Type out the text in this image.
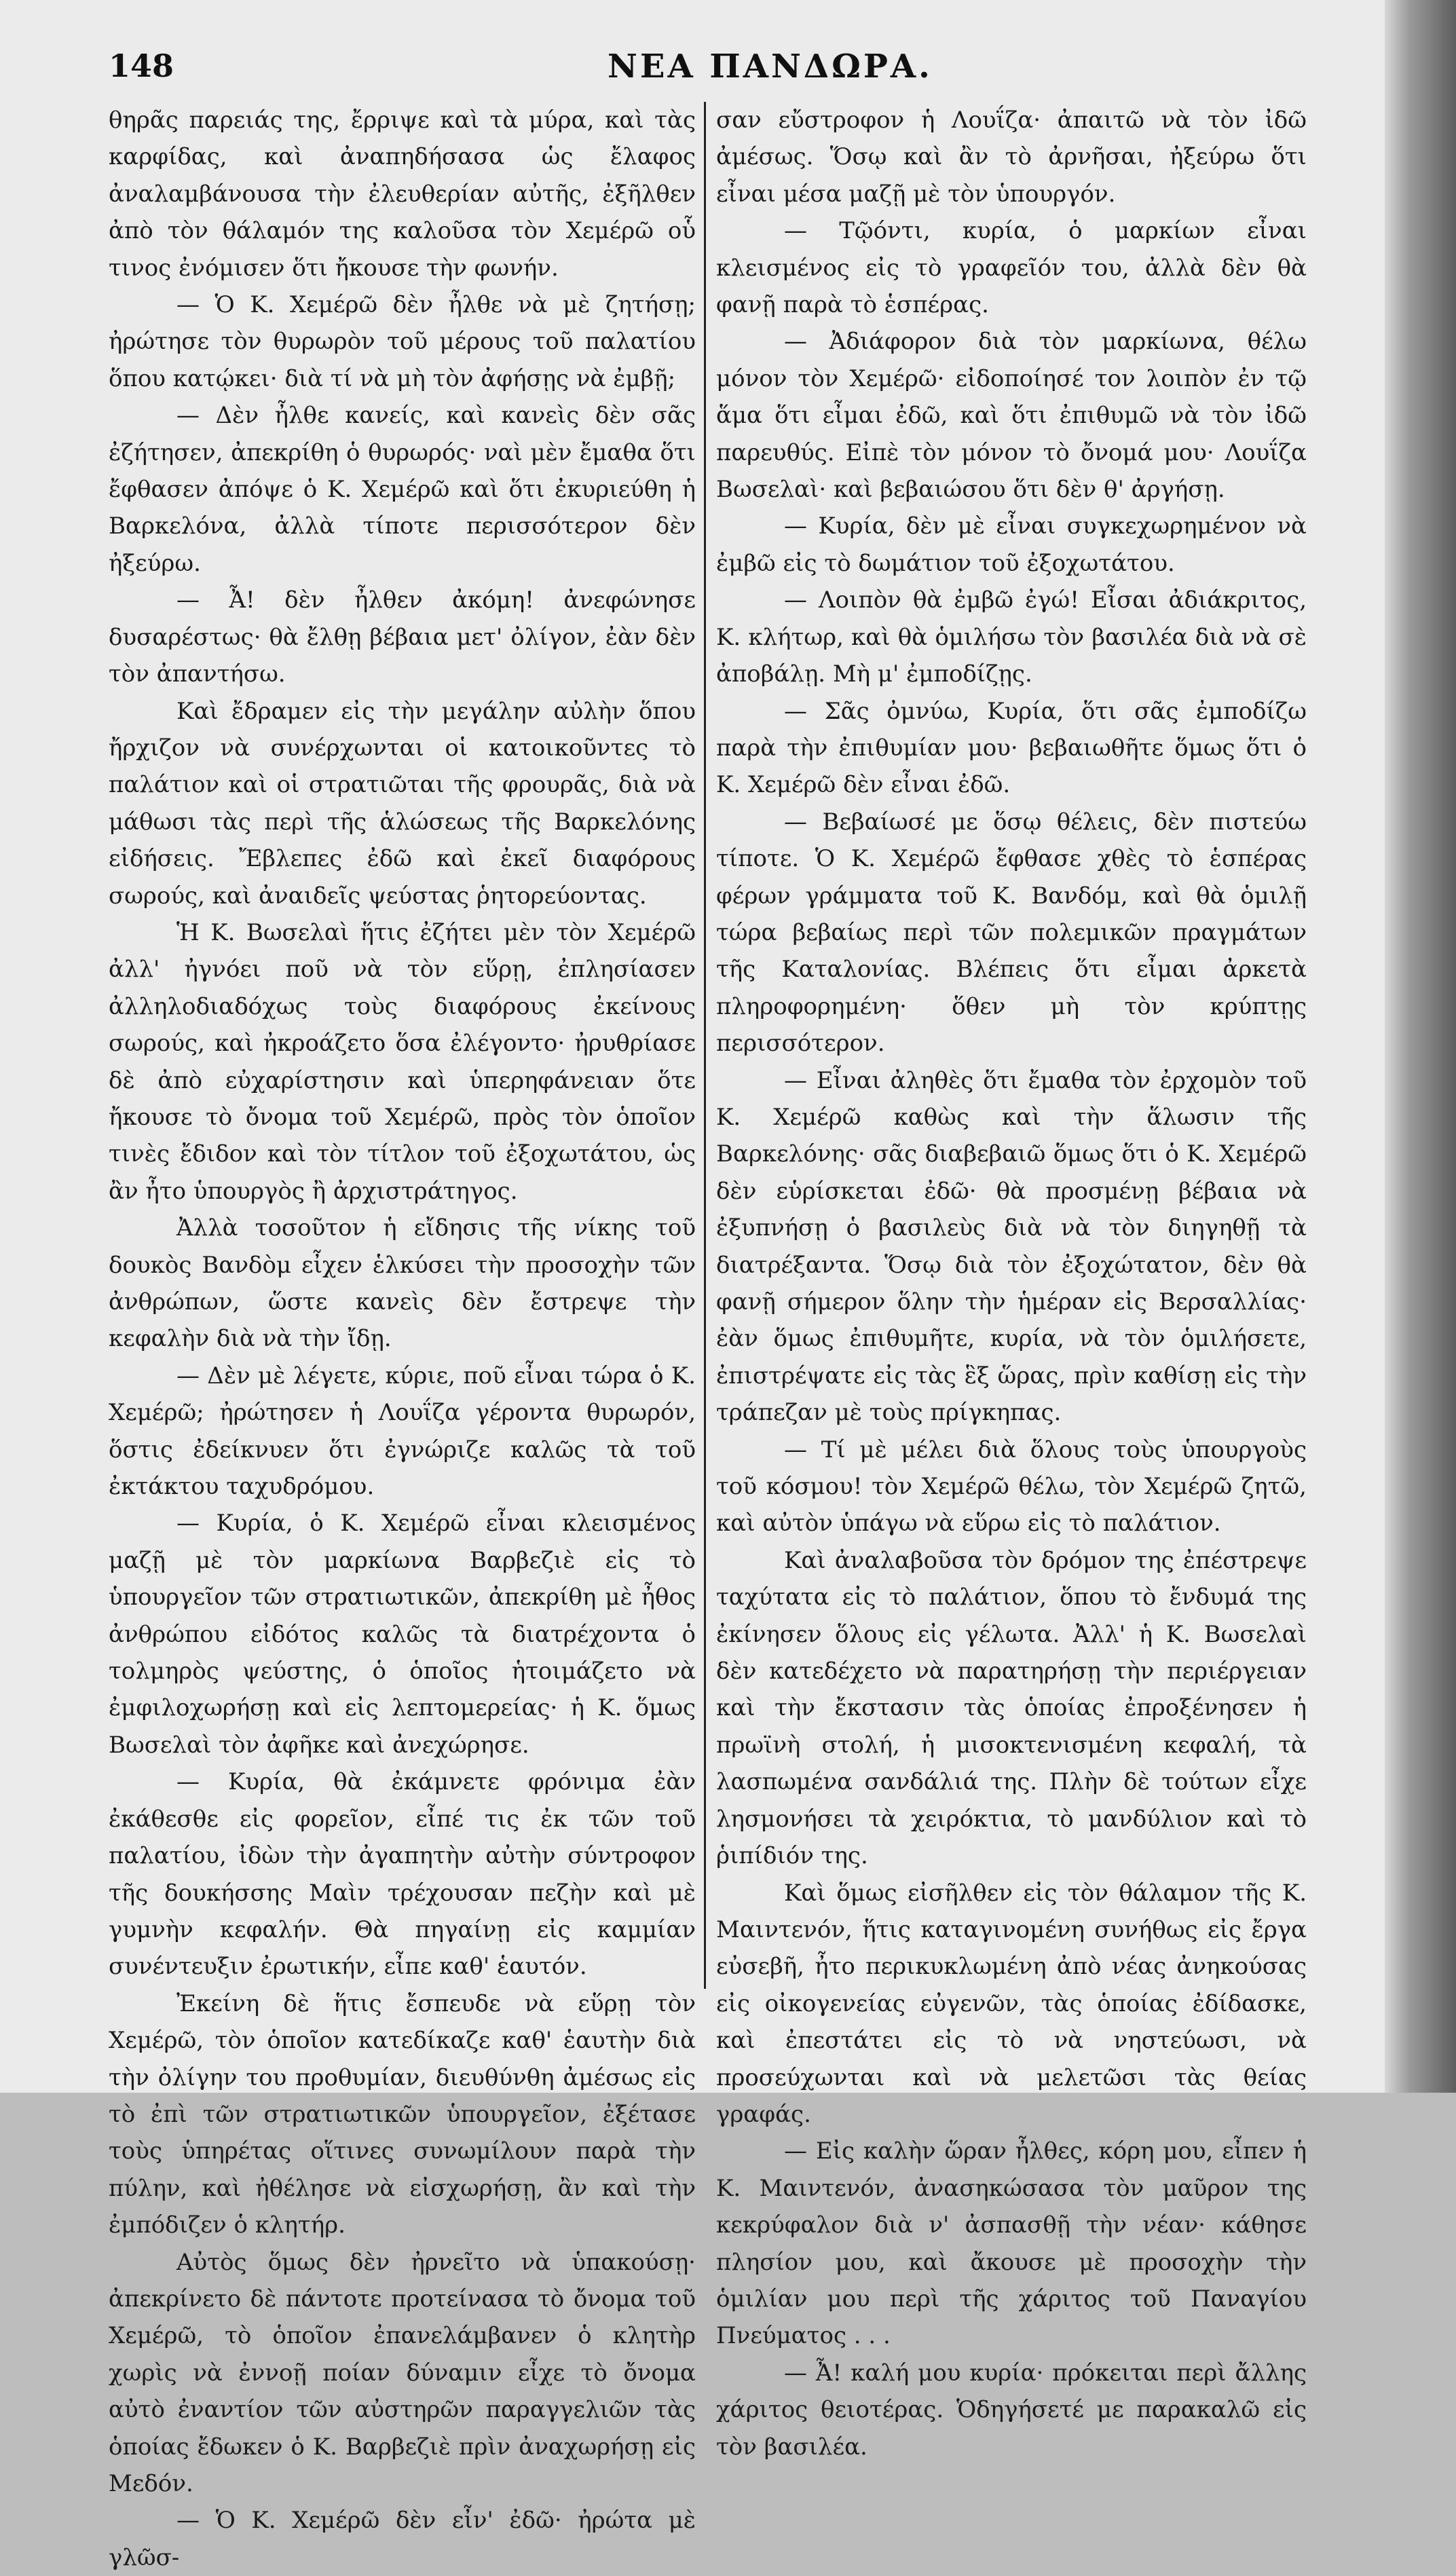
148	ΝΕΑ ΠΑΝΔΩΡΑ.

θηρᾶς παρειάς της, ἔρριψε καὶ τὰ μύρα, καὶ τὰς καρφίδας, καὶ ἀναπηδήσασα ὡς ἔλαφος ἀναλαμβάνουσα τὴν ἐλευθερίαν αὐτῆς, ἐξῆλθεν ἀπὸ τὸν θάλαμόν της καλοῦσα τὸν Χεμέρῶ οὗ τινος ἐνόμισεν ὅτι ἤκουσε τὴν φωνήν.

— Ὁ Κ. Χεμέρῶ δὲν ἦλθε νὰ μὲ ζητήσῃ; ἠρώτησε τὸν θυρωρὸν τοῦ μέρους τοῦ παλατίου ὅπου κατῴκει· διὰ τί νὰ μὴ τὸν ἀφήσῃς νὰ ἐμβῇ;

— Δὲν ἦλθε κανείς, καὶ κανεὶς δὲν σᾶς ἐζήτησεν, ἀπεκρίθη ὁ θυρωρός· ναὶ μὲν ἔμαθα ὅτι ἔφθασεν ἀπόψε ὁ Κ. Χεμέρῶ καὶ ὅτι ἐκυριεύθη ἡ Βαρκελόνα, ἀλλὰ τίποτε περισσότερον δὲν ἠξεύρω.

— Ἆ! δὲν ἦλθεν ἀκόμη! ἀνεφώνησε δυσαρέστως· θὰ ἔλθῃ βέβαια μετ' ὀλίγον, ἐὰν δὲν τὸν ἀπαντήσω.

Καὶ ἔδραμεν εἰς τὴν μεγάλην αὐλὴν ὅπου ἤρχιζον νὰ συνέρχωνται οἱ κατοικοῦντες τὸ παλάτιον καὶ οἱ στρατιῶται τῆς φρουρᾶς, διὰ νὰ μάθωσι τὰς περὶ τῆς ἁλώσεως τῆς Βαρκελόνης εἰδήσεις. Ἔβλεπες ἐδῶ καὶ ἐκεῖ διαφόρους σωρούς, καὶ ἀναιδεῖς ψεύστας ῥητορεύοντας.

Ἡ Κ. Βωσελαὶ ἥτις ἐζήτει μὲν τὸν Χεμέρῶ ἀλλ' ἠγνόει ποῦ νὰ τὸν εὕρῃ, ἐπλησίασεν ἀλληλοδιαδόχως τοὺς διαφόρους ἐκείνους σωρούς, καὶ ἠκροάζετο ὅσα ἐλέγοντο· ἠρυθρίασε δὲ ἀπὸ εὐχαρίστησιν καὶ ὑπερηφάνειαν ὅτε ἤκουσε τὸ ὄνομα τοῦ Χεμέρῶ, πρὸς τὸν ὁποῖον τινὲς ἔδιδον καὶ τὸν τίτλον τοῦ ἐξοχωτάτου, ὡς ἂν ἦτο ὑπουργὸς ἢ ἀρχιστράτηγος.

Ἀλλὰ τοσοῦτον ἡ εἴδησις τῆς νίκης τοῦ δουκὸς Βανδὸμ εἶχεν ἑλκύσει τὴν προσοχὴν τῶν ἀνθρώπων, ὥστε κανεὶς δὲν ἔστρεψε τὴν κεφαλὴν διὰ νὰ τὴν ἴδῃ.

— Δὲν μὲ λέγετε, κύριε, ποῦ εἶναι τώρα ὁ Κ. Χεμέρῶ; ἠρώτησεν ἡ Λουΐζα γέροντα θυρωρόν, ὅστις ἐδείκνυεν ὅτι ἐγνώριζε καλῶς τὰ τοῦ ἐκτάκτου ταχυδρόμου.

— Κυρία, ὁ Κ. Χεμέρῶ εἶναι κλεισμένος μαζῇ μὲ τὸν μαρκίωνα Βαρβεζιὲ εἰς τὸ ὑπουργεῖον τῶν στρατιωτικῶν, ἀπεκρίθη μὲ ἦθος ἀνθρώπου εἰδότος καλῶς τὰ διατρέχοντα ὁ τολμηρὸς ψεύστης, ὁ ὁποῖος ἡτοιμάζετο νὰ ἐμφιλοχωρήσῃ καὶ εἰς λεπτομερείας· ἡ Κ. ὅμως Βωσελαὶ τὸν ἀφῆκε καὶ ἀνεχώρησε.

— Κυρία, θὰ ἐκάμνετε φρόνιμα ἐὰν ἐκάθεσθε εἰς φορεῖον, εἶπέ τις ἐκ τῶν τοῦ παλατίου, ἰδὼν τὴν ἀγαπητὴν αὐτὴν σύντροφον τῆς δουκήσσης Μαὶν τρέχουσαν πεζὴν καὶ μὲ γυμνὴν κεφαλήν. Θὰ πηγαίνῃ εἰς καμμίαν συνέντευξιν ἐρωτικήν, εἶπε καθ' ἑαυτόν.

Ἐκείνη δὲ ἥτις ἔσπευδε νὰ εὕρῃ τὸν Χεμέρῶ, τὸν ὁποῖον κατεδίκαζε καθ' ἑαυτὴν διὰ τὴν ὀλίγην του προθυμίαν, διευθύνθη ἀμέσως εἰς τὸ ἐπὶ τῶν στρατιωτικῶν ὑπουργεῖον, ἐξέτασε τοὺς ὑπηρέτας οἵτινες συνωμίλουν παρὰ τὴν πύλην, καὶ ἠθέλησε νὰ εἰσχωρήσῃ, ἂν καὶ τὴν ἐμπόδιζεν ὁ κλητήρ.

Αὐτὸς ὅμως δὲν ἠρνεῖτο νὰ ὑπακούσῃ· ἀπεκρίνετο δὲ πάντοτε προτείνασα τὸ ὄνομα τοῦ Χεμέρῶ, τὸ ὁποῖον ἐπανελάμβανεν ὁ κλητὴρ χωρὶς νὰ ἐννοῇ ποίαν δύναμιν εἶχε τὸ ὄνομα αὐτὸ ἐναντίον τῶν αὐστηρῶν παραγγελιῶν τὰς ὁποίας ἔδωκεν ὁ Κ. Βαρβεζιὲ πρὶν ἀναχωρήσῃ εἰς Μεδόν.

— Ὁ Κ. Χεμέρῶ δὲν εἶν' ἐδῶ· ἠρώτα μὲ γλῶσ-

σαν εὔστροφον ἡ Λουΐζα· ἀπαιτῶ νὰ τὸν ἰδῶ ἀμέσως. Ὅσῳ καὶ ἂν τὸ ἀρνῆσαι, ἠξεύρω ὅτι εἶναι μέσα μαζῇ μὲ τὸν ὑπουργόν.

— Τῷόντι, κυρία, ὁ μαρκίων εἶναι κλεισμένος εἰς τὸ γραφεῖόν του, ἀλλὰ δὲν θὰ φανῇ παρὰ τὸ ἑσπέρας.

— Ἀδιάφορον διὰ τὸν μαρκίωνα, θέλω μόνον τὸν Χεμέρῶ· εἰδοποίησέ τον λοιπὸν ἐν τῷ ἅμα ὅτι εἶμαι ἐδῶ, καὶ ὅτι ἐπιθυμῶ νὰ τὸν ἰδῶ παρευθύς. Εἰπὲ τὸν μόνον τὸ ὄνομά μου· Λουΐζα Βωσελαὶ· καὶ βεβαιώσου ὅτι δὲν θ' ἀργήσῃ.

— Κυρία, δὲν μὲ εἶναι συγκεχωρημένον νὰ ἐμβῶ εἰς τὸ δωμάτιον τοῦ ἐξοχωτάτου.

— Λοιπὸν θὰ ἐμβῶ ἐγώ! Εἶσαι ἀδιάκριτος, Κ. κλήτωρ, καὶ θὰ ὁμιλήσω τὸν βασιλέα διὰ νὰ σὲ ἀποβάλῃ. Μὴ μ' ἐμποδίζῃς.

— Σᾶς ὀμνύω, Κυρία, ὅτι σᾶς ἐμποδίζω παρὰ τὴν ἐπιθυμίαν μου· βεβαιωθῆτε ὅμως ὅτι ὁ Κ. Χεμέρῶ δὲν εἶναι ἐδῶ.

— Βεβαίωσέ με ὅσῳ θέλεις, δὲν πιστεύω τίποτε. Ὁ Κ. Χεμέρῶ ἔφθασε χθὲς τὸ ἑσπέρας φέρων γράμματα τοῦ Κ. Βανδόμ, καὶ θὰ ὁμιλῇ τώρα βεβαίως περὶ τῶν πολεμικῶν πραγμάτων τῆς Καταλονίας. Βλέπεις ὅτι εἶμαι ἀρκετὰ πληροφορημένη· ὅθεν μὴ τὸν κρύπτῃς περισσότερον.

— Εἶναι ἀληθὲς ὅτι ἔμαθα τὸν ἐρχομὸν τοῦ Κ. Χεμέρῶ καθὼς καὶ τὴν ἅλωσιν τῆς Βαρκελόνης· σᾶς διαβεβαιῶ ὅμως ὅτι ὁ Κ. Χεμέρῶ δὲν εὑρίσκεται ἐδῶ· θὰ προσμένῃ βέβαια νὰ ἐξυπνήσῃ ὁ βασιλεὺς διὰ νὰ τὸν διηγηθῇ τὰ διατρέξαντα. Ὅσῳ διὰ τὸν ἐξοχώτατον, δὲν θὰ φανῇ σήμερον ὅλην τὴν ἡμέραν εἰς Βερσαλλίας· ἐὰν ὅμως ἐπιθυμῆτε, κυρία, νὰ τὸν ὁμιλήσετε, ἐπιστρέψατε εἰς τὰς ἓξ ὥρας, πρὶν καθίσῃ εἰς τὴν τράπεζαν μὲ τοὺς πρίγκηπας.

— Τί μὲ μέλει διὰ ὅλους τοὺς ὑπουργοὺς τοῦ κόσμου! τὸν Χεμέρῶ θέλω, τὸν Χεμέρῶ ζητῶ, καὶ αὐτὸν ὑπάγω νὰ εὕρω εἰς τὸ παλάτιον.

Καὶ ἀναλαβοῦσα τὸν δρόμον της ἐπέστρεψε ταχύτατα εἰς τὸ παλάτιον, ὅπου τὸ ἔνδυμά της ἐκίνησεν ὅλους εἰς γέλωτα. Ἀλλ' ἡ Κ. Βωσελαὶ δὲν κατεδέχετο νὰ παρατηρήσῃ τὴν περιέργειαν καὶ τὴν ἔκστασιν τὰς ὁποίας ἐπροξένησεν ἡ πρωϊνὴ στολή, ἡ μισοκτενισμένη κεφαλή, τὰ λασπωμένα σανδάλιά της. Πλὴν δὲ τούτων εἶχε λησμονήσει τὰ χειρόκτια, τὸ μανδύλιον καὶ τὸ ῥιπίδιόν της.

Καὶ ὅμως εἰσῆλθεν εἰς τὸν θάλαμον τῆς Κ. Μαιντενόν, ἥτις καταγινομένη συνήθως εἰς ἔργα εὐσεβῆ, ἦτο περικυκλωμένη ἀπὸ νέας ἀνηκούσας εἰς οἰκογενείας εὐγενῶν, τὰς ὁποίας ἐδίδασκε, καὶ ἐπεστάτει εἰς τὸ νὰ νηστεύωσι, νὰ προσεύχωνται καὶ νὰ μελετῶσι τὰς θείας γραφάς.

— Εἰς καλὴν ὥραν ἦλθες, κόρη μου, εἶπεν ἡ Κ. Μαιντενόν, ἀνασηκώσασα τὸν μαῦρον της κεκρύφαλον διὰ ν' ἀσπασθῇ τὴν νέαν· κάθησε πλησίον μου, καὶ ἄκουσε μὲ προσοχὴν τὴν ὁμιλίαν μου περὶ τῆς χάριτος τοῦ Παναγίου Πνεύματος . . .

— Ἆ! καλή μου κυρία· πρόκειται περὶ ἄλλης χάριτος θειοτέρας. Ὁδηγήσετέ με παρακαλῶ εἰς τὸν βασιλέα.
